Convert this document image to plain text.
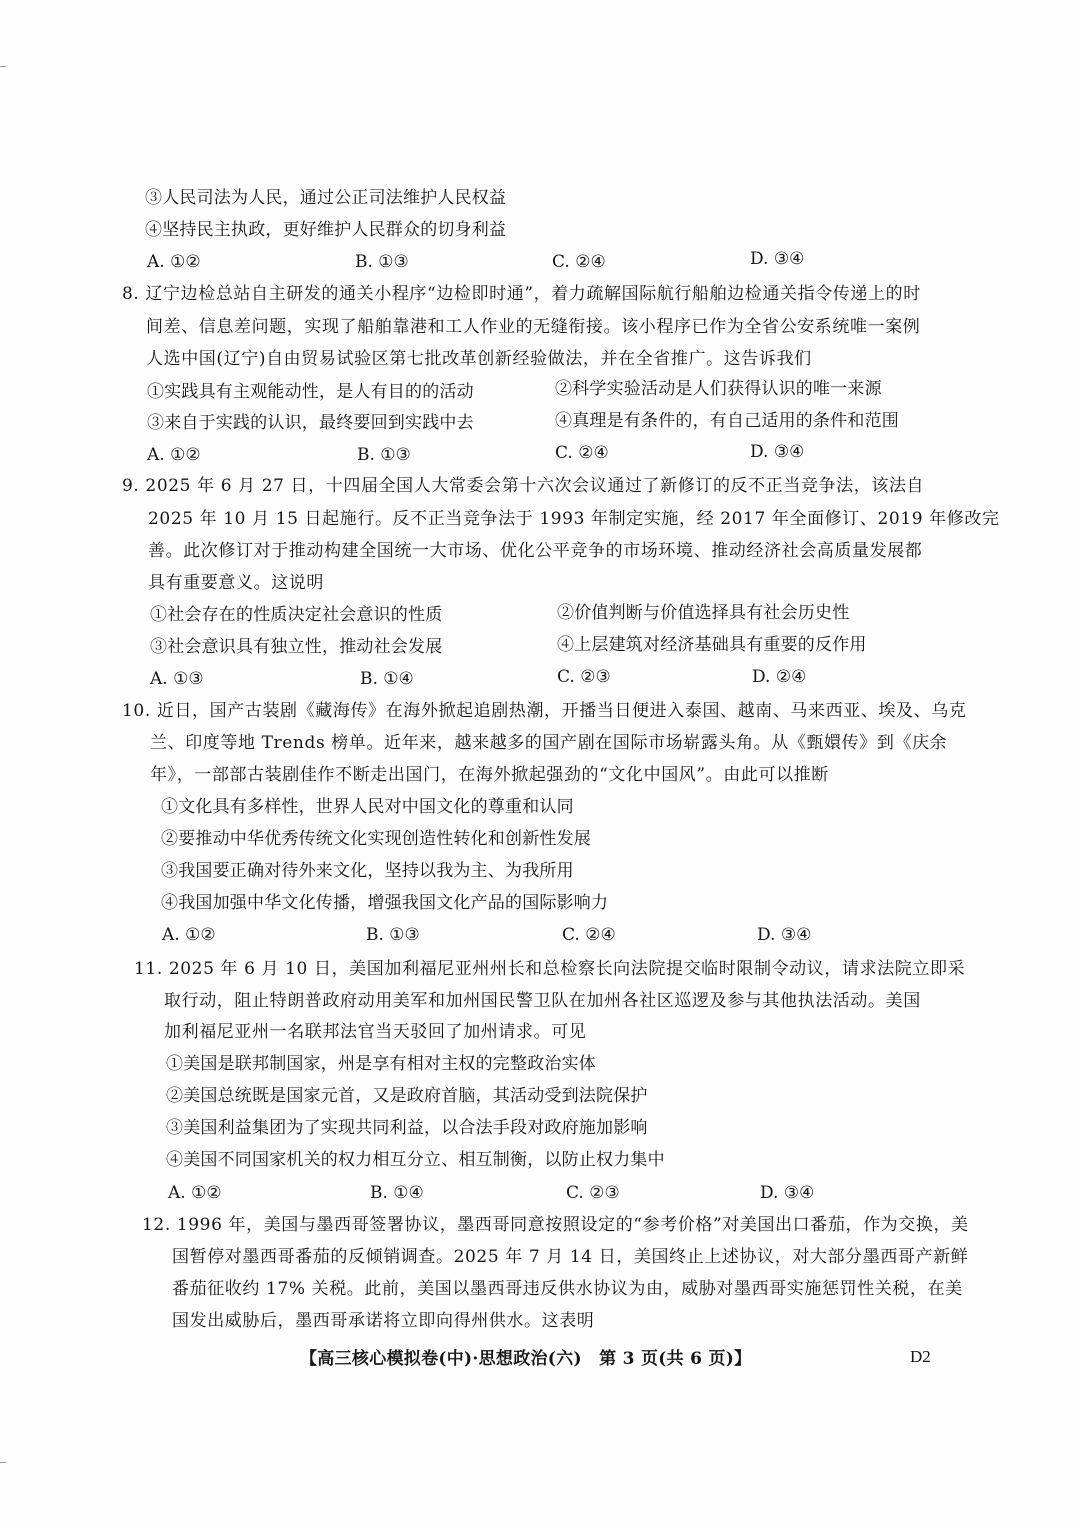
③人民司法为人民，通过公正司法维护人民权益
④坚持民主执政，更好维护人民群众的切身利益
A. ①②	B. ①③	C. ②④	D. ③④
8. 辽宁边检总站自主研发的通关小程序“边检即时通”，着力疏解国际航行船舶边检通关指令传递上的时
间差、信息差问题，实现了船舶靠港和工人作业的无缝衔接。该小程序已作为全省公安系统唯一案例
人选中国(辽宁)自由贸易试验区第七批改革创新经验做法，并在全省推广。这告诉我们
①实践具有主观能动性，是人有目的的活动	②科学实验活动是人们获得认识的唯一来源
③来自于实践的认识，最终要回到实践中去	④真理是有条件的，有自己适用的条件和范围
A. ①②	B. ①③	C. ②④	D. ③④
9. 2025 年 6 月 27 日，十四届全国人大常委会第十六次会议通过了新修订的反不正当竞争法，该法自
2025 年 10 月 15 日起施行。反不正当竞争法于 1993 年制定实施，经 2017 年全面修订、2019 年修改完
善。此次修订对于推动构建全国统一大市场、优化公平竞争的市场环境、推动经济社会高质量发展都
具有重要意义。这说明
①社会存在的性质决定社会意识的性质	②价值判断与价值选择具有社会历史性
③社会意识具有独立性，推动社会发展	④上层建筑对经济基础具有重要的反作用
A. ①③	B. ①④	C. ②③	D. ②④
10. 近日，国产古装剧《藏海传》在海外掀起追剧热潮，开播当日便进入泰国、越南、马来西亚、埃及、乌克
兰、印度等地 Trends 榜单。近年来，越来越多的国产剧在国际市场崭露头角。从《甄嬛传》到《庆余
年》，一部部古装剧佳作不断走出国门，在海外掀起强劲的“文化中国风”。由此可以推断
①文化具有多样性，世界人民对中国文化的尊重和认同
②要推动中华优秀传统文化实现创造性转化和创新性发展
③我国要正确对待外来文化，坚持以我为主、为我所用
④我国加强中华文化传播，增强我国文化产品的国际影响力
A. ①②	B. ①③	C. ②④	D. ③④
11. 2025 年 6 月 10 日，美国加利福尼亚州州长和总检察长向法院提交临时限制令动议，请求法院立即采
取行动，阻止特朗普政府动用美军和加州国民警卫队在加州各社区巡逻及参与其他执法活动。美国
加利福尼亚州一名联邦法官当天驳回了加州请求。可见
①美国是联邦制国家，州是享有相对主权的完整政治实体
②美国总统既是国家元首，又是政府首脑，其活动受到法院保护
③美国利益集团为了实现共同利益，以合法手段对政府施加影响
④美国不同国家机关的权力相互分立、相互制衡，以防止权力集中
A. ①②	B. ①④	C. ②③	D. ③④
12. 1996 年，美国与墨西哥签署协议，墨西哥同意按照设定的“参考价格”对美国出口番茄，作为交换，美
国暂停对墨西哥番茄的反倾销调查。2025 年 7 月 14 日，美国终止上述协议，对大部分墨西哥产新鲜
番茄征收约 17% 关税。此前，美国以墨西哥违反供水协议为由，威胁对墨西哥实施惩罚性关税，在美
国发出威胁后，墨西哥承诺将立即向得州供水。这表明
【高三核心模拟卷(中)·思想政治(六)　第 3 页(共 6 页)】	D2
